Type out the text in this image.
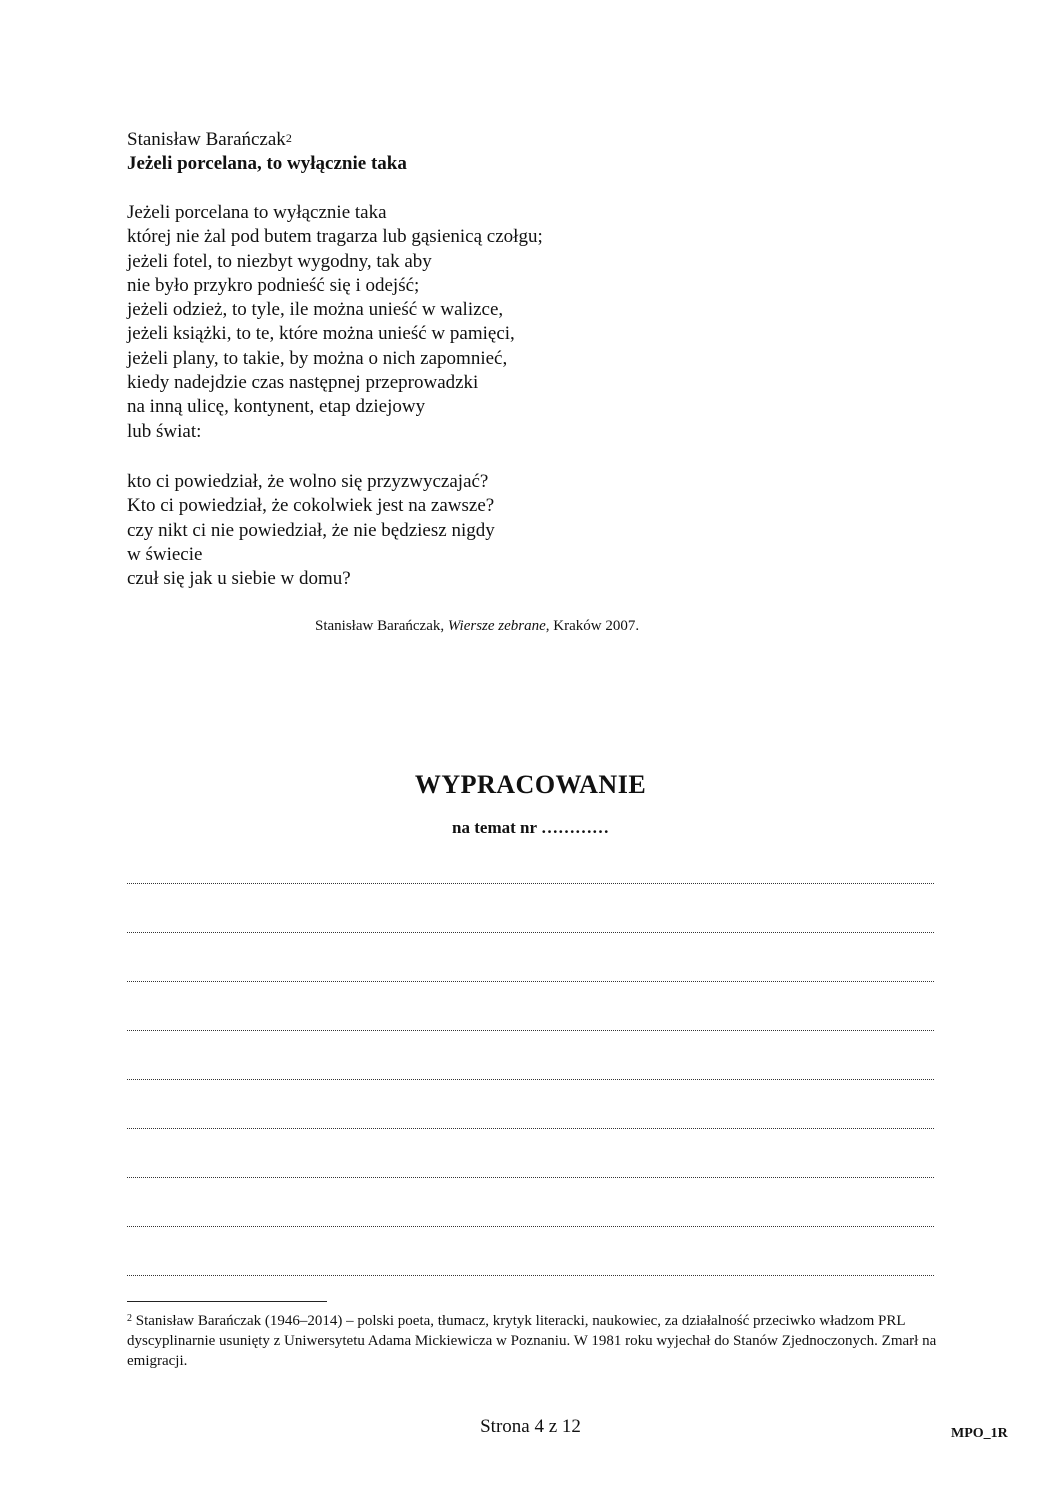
Stanisław Barańczak$^2$
Jeżeli porcelana, to wyłącznie taka
Jeżeli porcelana to wyłącznie taka
której nie żal pod butem tragarza lub gąsienicą czołgu;
jeżeli fotel, to niezbyt wygodny, tak aby
nie było przykro podnieść się i odejść;
jeżeli odzież, to tyle, ile można unieść w walizce,
jeżeli książki, to te, które można unieść w pamięci,
jeżeli plany, to takie, by można o nich zapomnieć,
kiedy nadejdzie czas następnej przeprowadzki
na inną ulicę, kontynent, etap dziejowy
lub świat:
kto ci powiedział, że wolno się przyzwyczajać?
Kto ci powiedział, że cokolwiek jest na zawsze?
czy nikt ci nie powiedział, że nie będziesz nigdy
w świecie
czuł się jak u siebie w domu?
Stanisław Barańczak, Wiersze zebrane, Kraków 2007.
WYPRACOWANIE
na temat nr …………
$^2$ Stanisław Barańczak (1946–2014) – polski poeta, tłumacz, krytyk literacki, naukowiec, za działalność przeciwko władzom PRL dyscyplinarnie usunięty z Uniwersytetu Adama Mickiewicza w Poznaniu. W 1981 roku wyjechał do Stanów Zjednoczonych. Zmarł na emigracji.
Strona 4 z 12	MPO_1R
